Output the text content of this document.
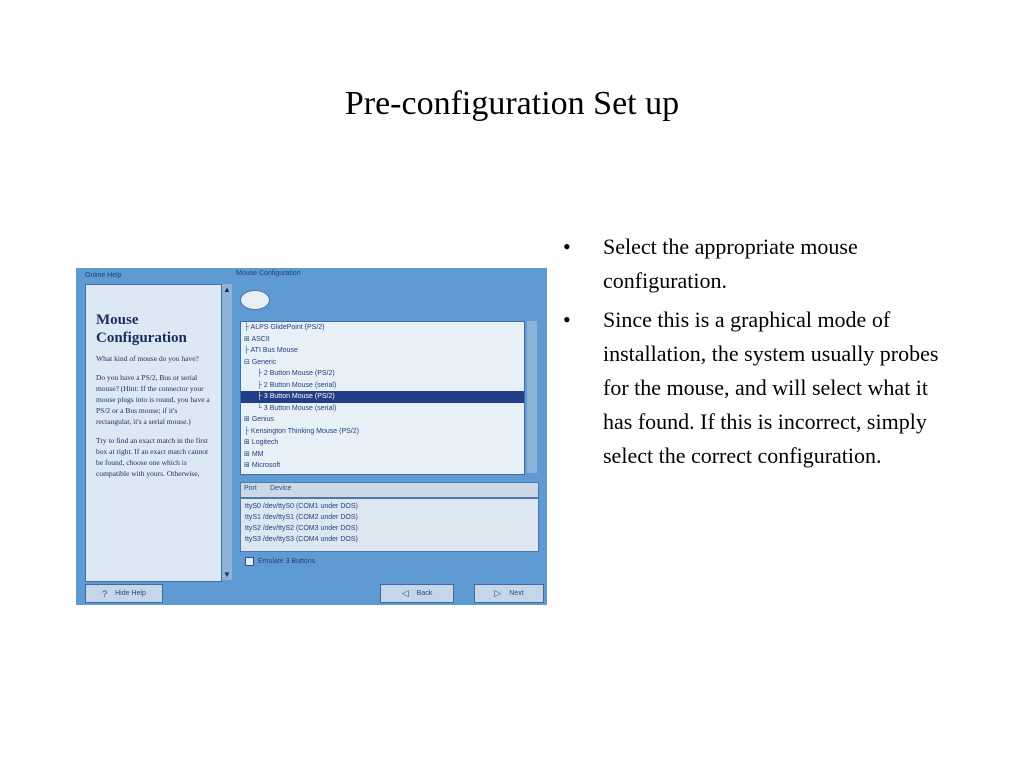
Pre-configuration Set up
Online Help	Mouse Configuration
Mouse Configuration

What kind of mouse do you have?

Do you have a PS/2, Bus or serial mouse? (Hint: If the connector your mouse plugs into is round, you have a PS/2 or a Bus mouse; if it's rectangular, it's a serial mouse.)

Try to find an exact match in the first box at right. If an exact match cannot be found, choose one which is compatible with yours. Otherwise,

▲
▼
├ ALPS GlidePoint (PS/2)
⊞ ASCII
├ ATI Bus Mouse
⊟ Generic
├ 2 Button Mouse (PS/2)
├ 2 Button Mouse (serial)
├ 3 Button Mouse (PS/2)
└ 3 Button Mouse (serial)
⊞ Genius
├ Kensington Thinking Mouse (PS/2)
⊞ Logitech
⊞ MM
⊞ Microsoft
Port Device
ttyS0 /dev/ttyS0 (COM1 under DOS)
ttyS1 /dev/ttyS1 (COM2 under DOS)
ttyS2 /dev/ttyS2 (COM3 under DOS)
ttyS3 /dev/ttyS3 (COM4 under DOS)
Emulate 3 Buttons
? Hide Help	◁ Back	▷ Next
• Select the appropriate mouse configuration.
• Since this is a graphical mode of installation, the system usually probes for the mouse, and will select what it has found. If this is incorrect, simply select the correct configuration.
